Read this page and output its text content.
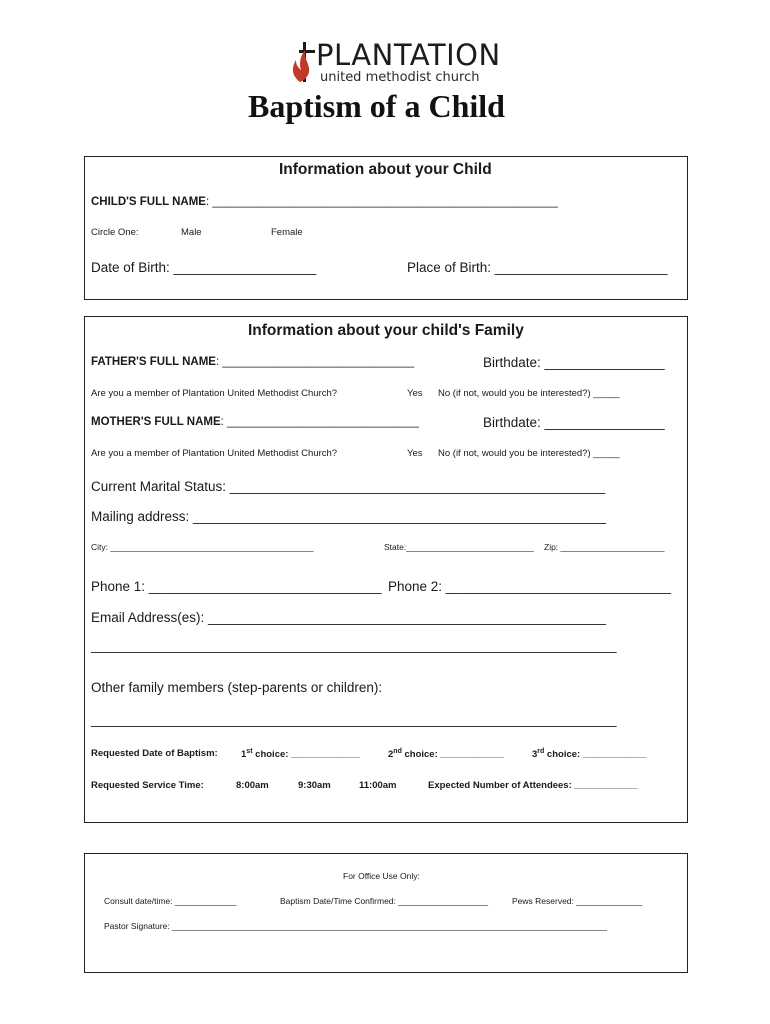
PLANTATION
united methodist church
Baptism of a Child
Information about your Child
CHILD'S FULL NAME: ______________________________________________________
Circle One:	Male	Female
Date of Birth: ___________________	Place of Birth: _______________________
Information about your child's Family
FATHER'S FULL NAME: ______________________________	Birthdate: ________________
Are you a member of Plantation United Methodist Church?	Yes No (if not, would you be interested?) _____
MOTHER'S FULL NAME: ______________________________	Birthdate: ________________
Are you a member of Plantation United Methodist Church?	Yes No (if not, would you be interested?) _____
Current Marital Status: __________________________________________________
Mailing address: _______________________________________________________
City: ___________________________________________	State:___________________________ Zip: ______________________
Phone 1: _______________________________ Phone 2: ______________________________
Email Address(es): _____________________________________________________
______________________________________________________________________
Other family members (step-parents or children):
______________________________________________________________________
Requested Date of Baptism: 1st choice: _____________	2nd choice: ____________	3rd choice: ____________
Requested Service Time:	8:00am	9:30am	11:00am	Expected Number of Attendees: ____________
For Office Use Only:
Consult date/time: _____________	Baptism Date/Time Confirmed: ___________________	Pews Reserved: ______________
Pastor Signature: ____________________________________________________________________________________________
